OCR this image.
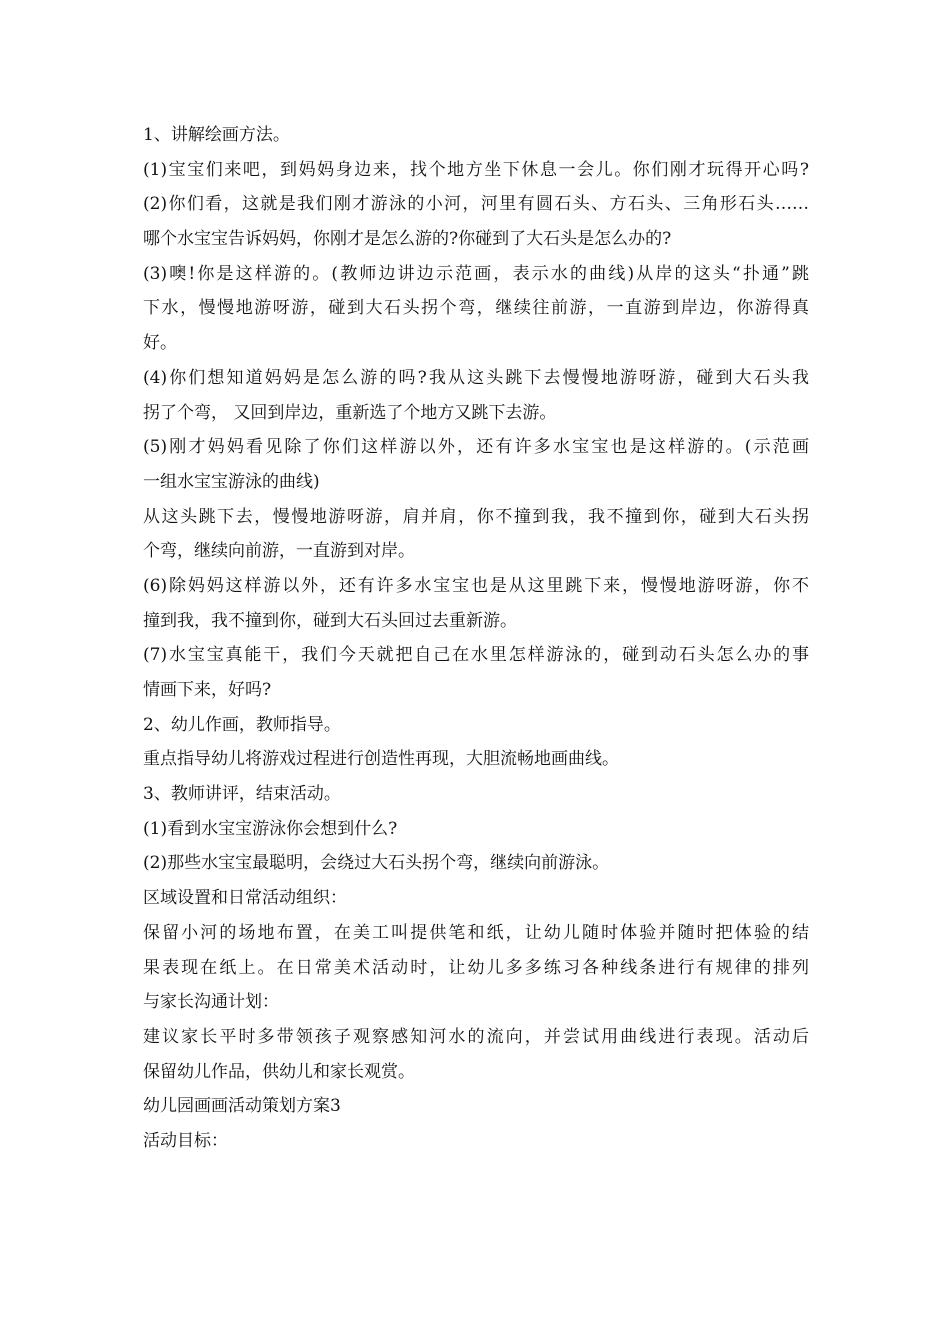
1、讲解绘画方法。
(1)宝宝们来吧，到妈妈身边来，找个地方坐下休息一会儿。你们刚才玩得开心吗?
(2)你们看，这就是我们刚才游泳的小河，河里有圆石头、方石头、三角形石头……
哪个水宝宝告诉妈妈，你刚才是怎么游的?你碰到了大石头是怎么办的?
(3)噢!你是这样游的。(教师边讲边示范画，表示水的曲线)从岸的这头“扑通”跳
下水，慢慢地游呀游，碰到大石头拐个弯，继续往前游，一直游到岸边，你游得真
好。
(4)你们想知道妈妈是怎么游的吗?我从这头跳下去慢慢地游呀游，碰到大石头我
拐了个弯， 又回到岸边，重新选了个地方又跳下去游。
(5)刚才妈妈看见除了你们这样游以外，还有许多水宝宝也是这样游的。(示范画
一组水宝宝游泳的曲线)
从这头跳下去，慢慢地游呀游，肩并肩，你不撞到我，我不撞到你，碰到大石头拐
个弯，继续向前游，一直游到对岸。
(6)除妈妈这样游以外，还有许多水宝宝也是从这里跳下来，慢慢地游呀游，你不
撞到我，我不撞到你，碰到大石头回过去重新游。
(7)水宝宝真能干，我们今天就把自己在水里怎样游泳的，碰到动石头怎么办的事
情画下来，好吗?
2、幼儿作画，教师指导。
重点指导幼儿将游戏过程进行创造性再现，大胆流畅地画曲线。
3、教师讲评，结束活动。
(1)看到水宝宝游泳你会想到什么?
(2)那些水宝宝最聪明，会绕过大石头拐个弯，继续向前游泳。
区域设置和日常活动组织：
保留小河的场地布置，在美工叫提供笔和纸，让幼儿随时体验并随时把体验的结
果表现在纸上。在日常美术活动时，让幼儿多多练习各种线条进行有规律的排列
与家长沟通计划：
建议家长平时多带领孩子观察感知河水的流向，并尝试用曲线进行表现。活动后
保留幼儿作品，供幼儿和家长观赏。
幼儿园画画活动策划方案3
活动目标：
